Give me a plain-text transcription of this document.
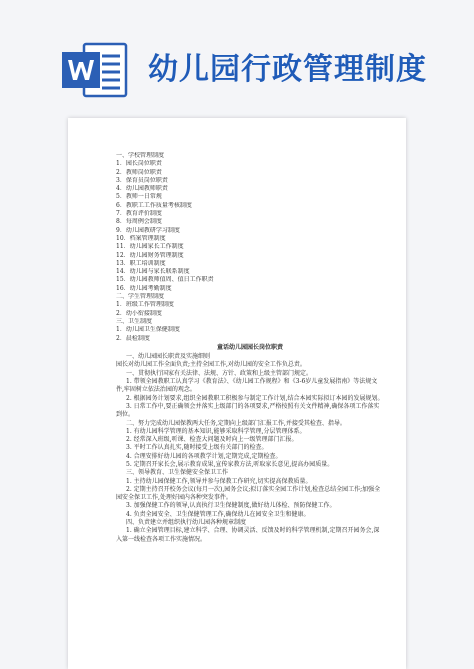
幼儿园行政管理制度

一、学校管理制度
1．园长岗位职责
2．教师岗位职责
3．保育员岗位职责
4．幼儿园教师职责
5．教师一日常规
6．教职工工作质量考核制度
7．教育评价制度
8．每周例会制度
9．幼儿园教研学习制度
10．档案管理制度
11．幼儿园家长工作制度
12．幼儿园财务管理制度
13．职工培训制度
14．幼儿园与家长联系制度
15．幼儿园教师值周、值日工作职责
16．幼儿园考勤制度
二、学生管理制度
1．班级工作管理制度
2．幼小衔接制度
三、卫生制度
1．幼儿园卫生保健制度
2．晨检制度
童话幼儿园园长岗位职责
一、幼儿园园长职责及实施细则
园长对幼儿园工作全面负责;主持全园工作,对幼儿园的安全工作负总责。
一、贯彻执行国家有关法律、法规、方针、政策和上级主管部门规定。
1. 带领全园教职工认真学习《教育法》、《幼儿园工作规程》和《3-6岁儿童发展指南》等法规文件,牢固树立依法治园的观念。
2. 根据园务计划要求,组织全园教职工积极参与制定工作计划,结合本园实际拟订本园的发展规划。
3. 日常工作中,要正确领会并落实上级部门的各项要求,严格按照有关文件精神,确保各项工作落实到位。
二、努力完成幼儿园保教两大任务,定期向上级部门汇报工作,并接受其检查、指导。
1. 有幼儿园科学管理的基本知识,能够采取科学管理,分层管理体系。
2. 经常深入班级,听课、检查大问题及时向上一级管理部门汇报。
3. 平时工作认真扎实,随时接受上级有关部门的检查。
4. 合理安排好幼儿园的各项教学计划,定期完成,定期检查。
5. 定期召开家长会,展示教育成果,宣传家教方法,听取家长意见,提高办园质量。
三、领导教育、卫生保健安全保卫工作
1. 主持幼儿园保健工作,领导并参与保教工作研究,切实提高保教质量。
2. 定期主持召开校务会议(每月一次),园务会议;拟订落实全园工作计划,检查总结全园工作;加强全园安全保卫工作,处理好园内各种突发事件。
3. 加强保健工作的领导,认真执行卫生保健制度,做好幼儿体检、预防保健工作。
4. 负责全园安全、卫生保健管理工作,确保幼儿在园安全卫生和健康。
四、负责建立并组织执行幼儿园各种规章制度
1. 确立全园管理目标,建立科学、合理、协调灵活、反馈及时的科学管理机制,定期召开园务会,深入第一线检查各项工作实施情况。
